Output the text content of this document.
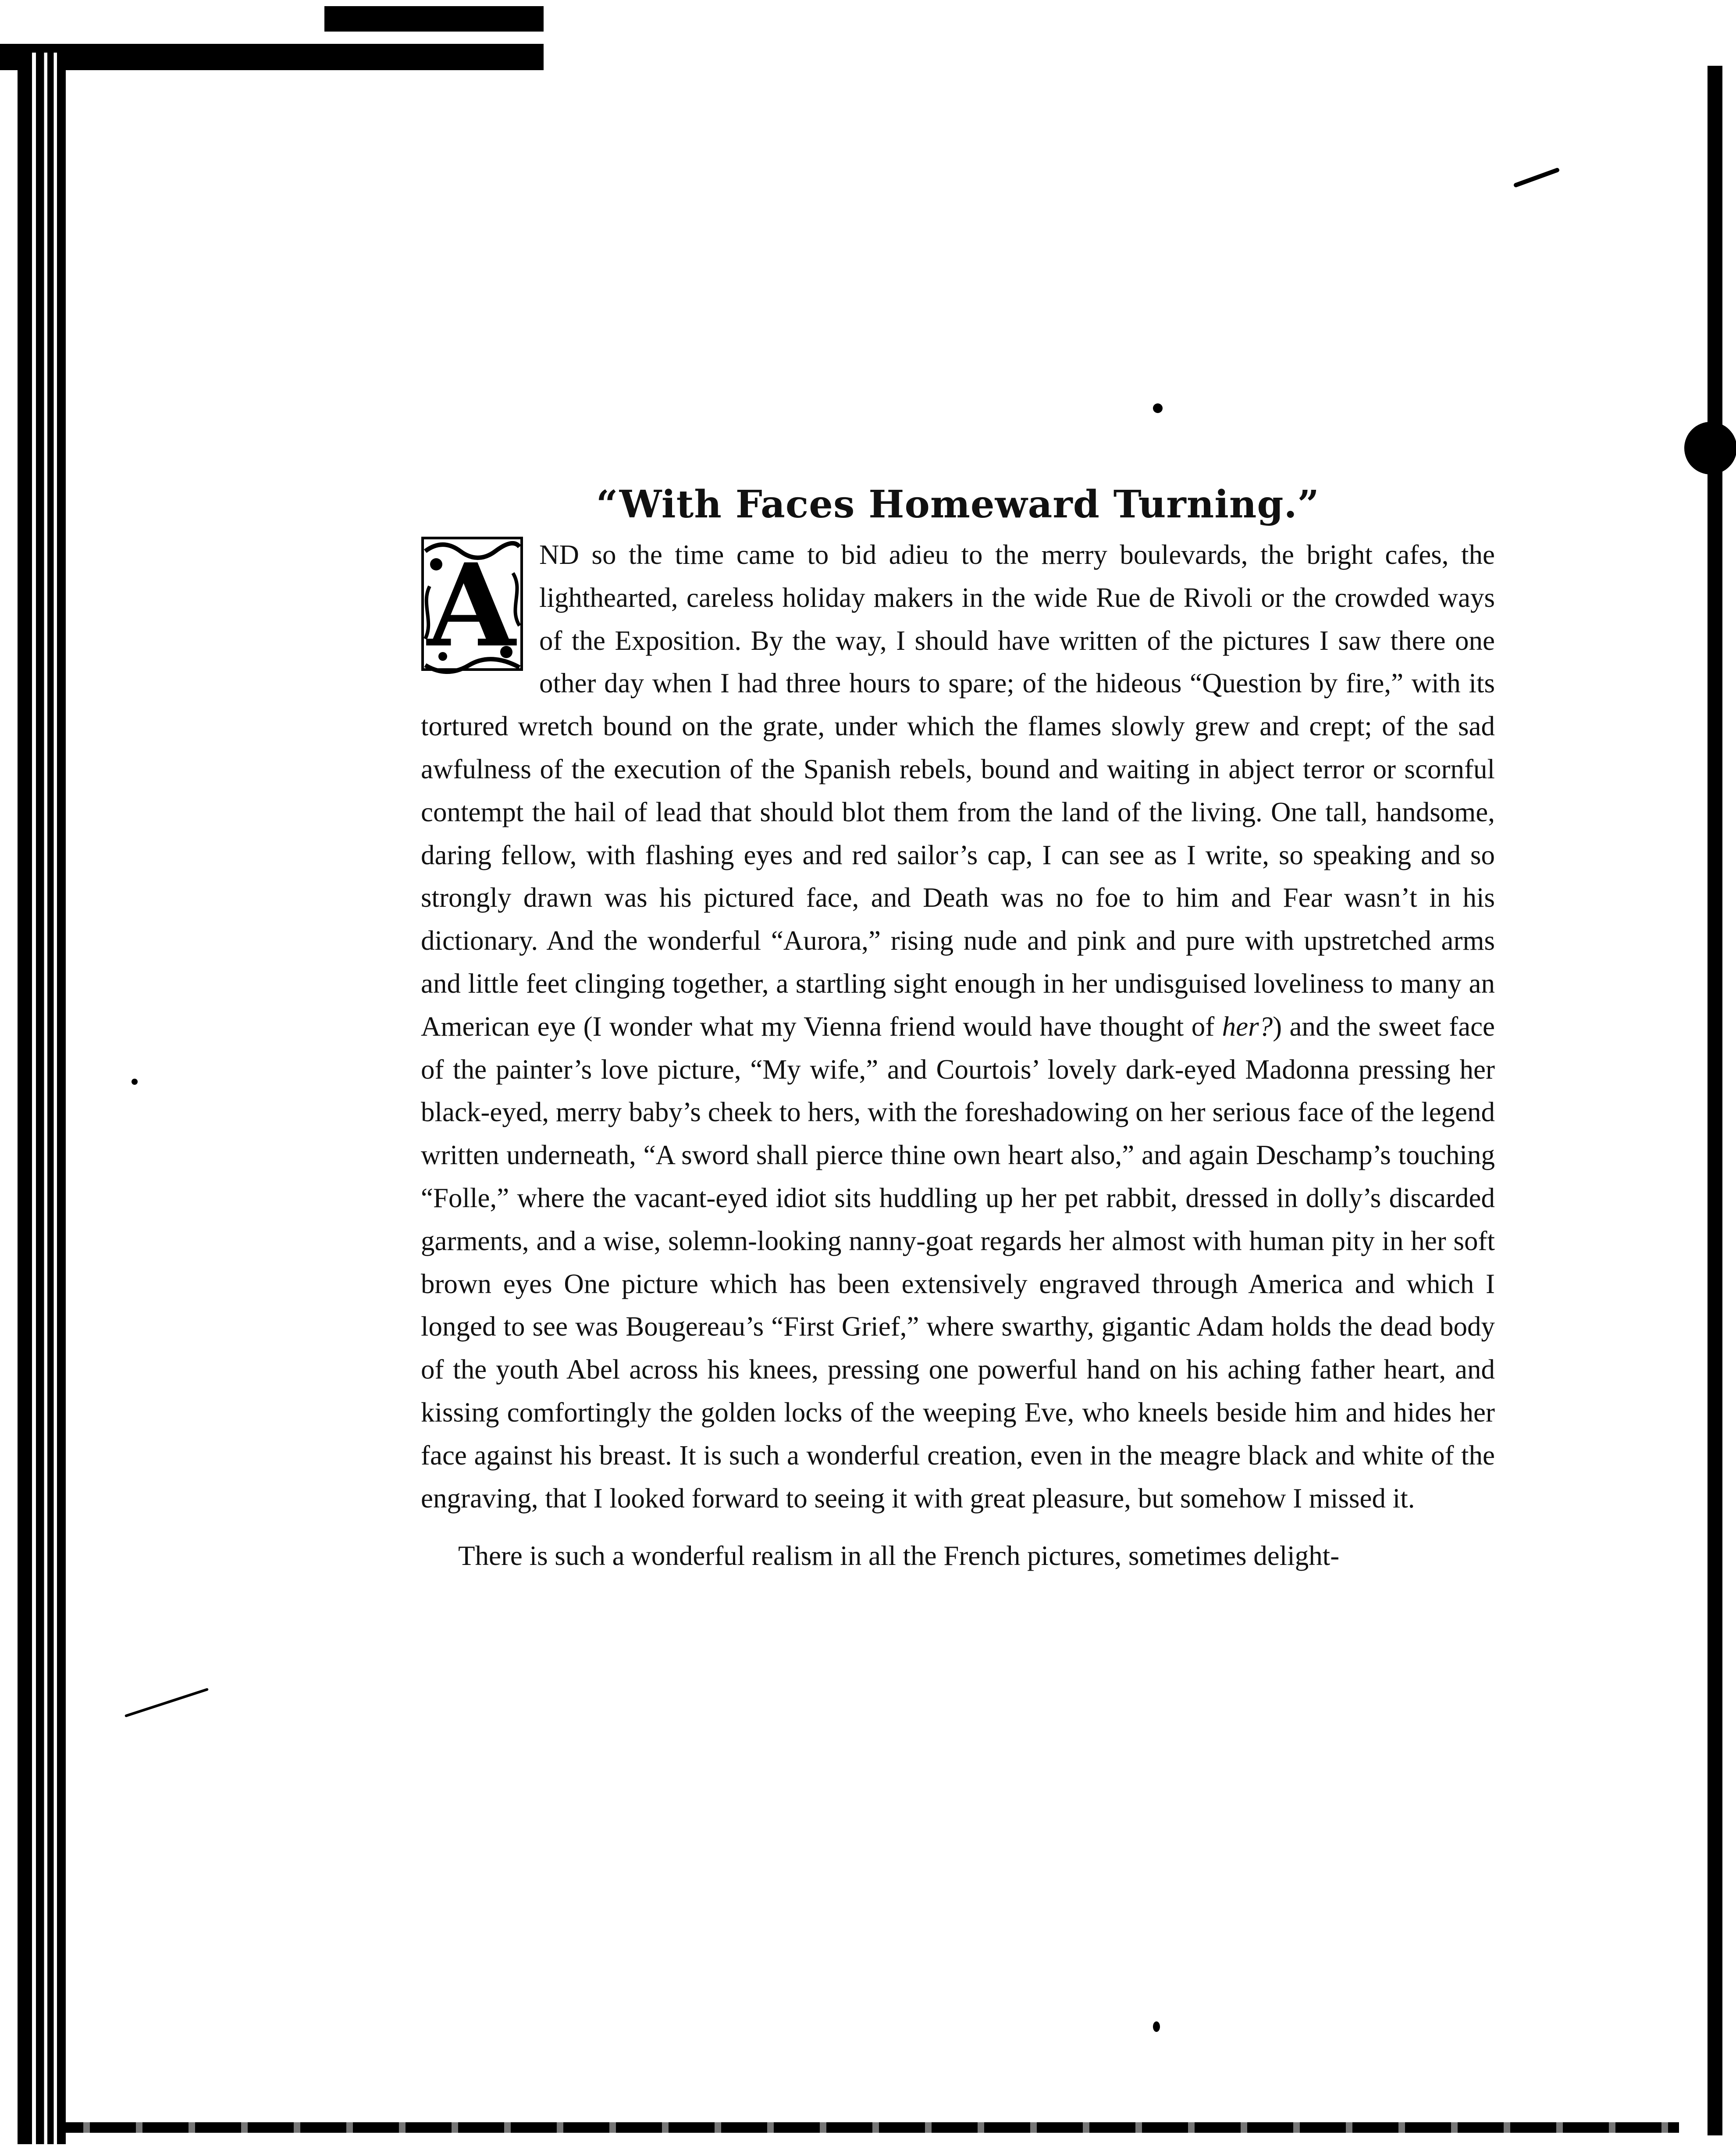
“With Faces Homeward Turning.”

A ND so the time came to bid adieu to the merry boulevards, the bright cafes, the lighthearted, careless holiday makers in the wide Rue de Rivoli or the crowded ways of the Exposition. By the way, I should have written of the pictures I saw there one other day when I had three hours to spare; of the hideous “Question by fire,” with its tortured wretch bound on the grate, under which the flames slowly grew and crept; of the sad awfulness of the execution of the Spanish rebels, bound and waiting in abject terror or scornful contempt the hail of lead that should blot them from the land of the living. One tall, handsome, daring fellow, with flashing eyes and red sailor’s cap, I can see as I write, so speaking and so strongly drawn was his pictured face, and Death was no foe to him and Fear wasn’t in his dictionary. And the wonderful “Aurora,” rising nude and pink and pure with upstretched arms and little feet clinging together, a startling sight enough in her undisguised loveliness to many an American eye (I wonder what my Vienna friend would have thought of her?) and the sweet face of the painter’s love picture, “My wife,” and Courtois’ lovely dark-eyed Madonna pressing her black-eyed, merry baby’s cheek to hers, with the foreshadowing on her serious face of the legend written underneath, “A sword shall pierce thine own heart also,” and again Deschamp’s touching “Folle,” where the vacant-eyed idiot sits huddling up her pet rabbit, dressed in dolly’s discarded garments, and a wise, solemn-looking nanny-goat regards her almost with human pity in her soft brown eyes One picture which has been extensively engraved through America and which I longed to see was Bougereau’s “First Grief,” where swarthy, gigantic Adam holds the dead body of the youth Abel across his knees, pressing one powerful hand on his aching father heart, and kissing comfortingly the golden locks of the weeping Eve, who kneels beside him and hides her face against his breast. It is such a wonderful creation, even in the meagre black and white of the engraving, that I looked forward to seeing it with great pleasure, but somehow I missed it.

There is such a wonderful realism in all the French pictures, sometimes delight-
